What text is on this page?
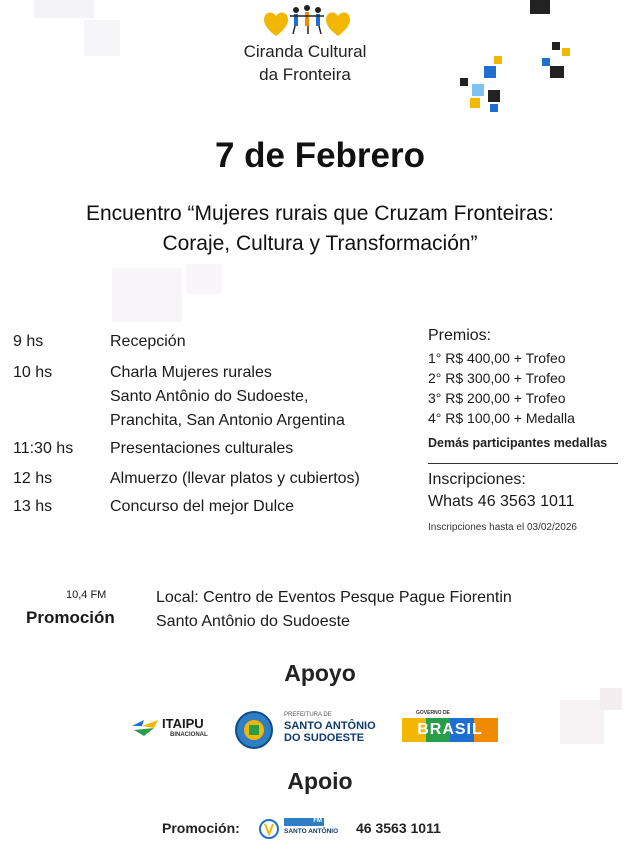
Ciranda Cultural
da Fronteira
7 de Febrero
Encuentro “Mujeres rurais que Cruzam Fronteiras:
Coraje, Cultura y Transformación”
9 hs	Recepción
10 hs	Charla Mujeres rurales
Santo Antônio do Sudoeste,
Pranchita, San Antonio Argentina
11:30 hs Presentaciones culturales
12 hs	Almuerzo (llevar platos y cubiertos)
13 hs	Concurso del mejor Dulce
Premios:
1° R$ 400,00 + Trofeo
2° R$ 300,00 + Trofeo
3° R$ 200,00 + Trofeo
4° R$ 100,00 + Medalla
Demás participantes medallas
Inscripciones:
Whats 46 3563 1011
Inscripciones hasta el 03/02/2026
10,4 FM
Promoción
Local: Centro de Eventos Pesque Pague Fiorentin
Santo Antônio do Sudoeste
Apoyo
ITAIPU
BINACIONAL
PREFEITURA DE
SANTO ANTÔNIO
DO SUDOESTE
GOVERNO DE
BRASIL
Apoio
Promoción:	FM
SANTO ANTÔNIO 46 3563 1011
